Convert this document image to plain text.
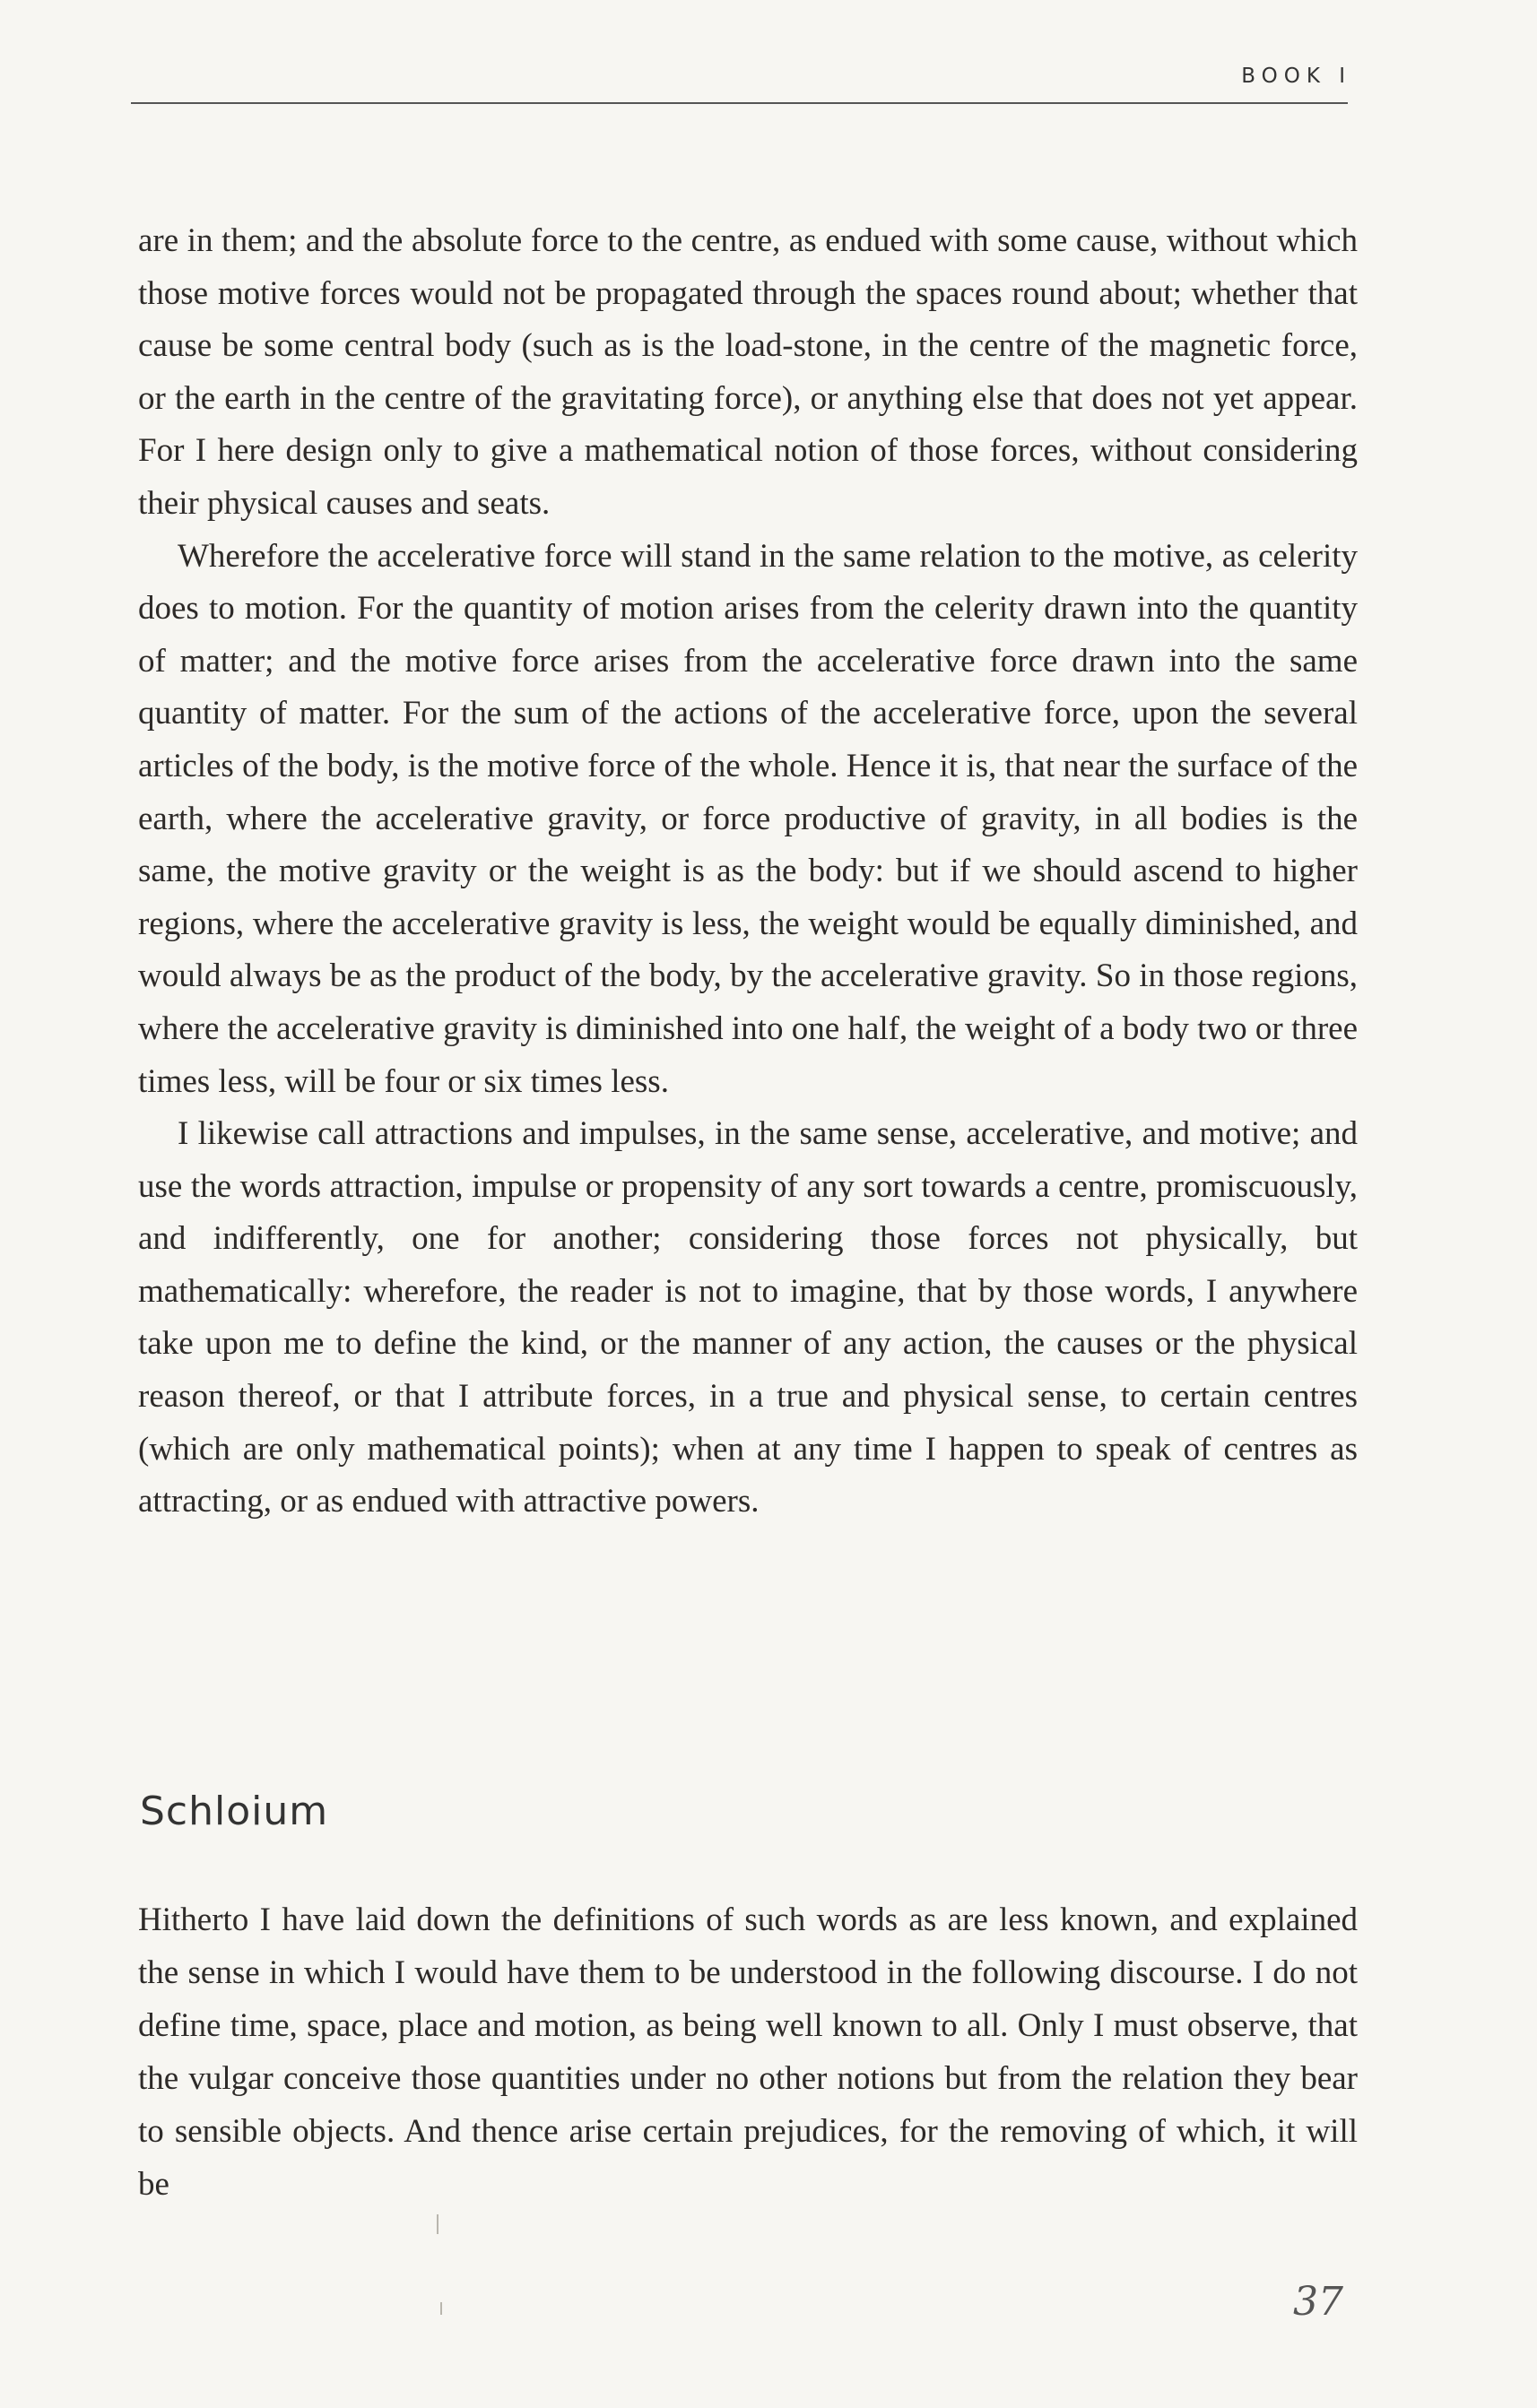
BOOK I

are in them; and the absolute force to the centre, as endued with some cause, without which those motive forces would not be propagated through the spaces round about; whether that cause be some central body (such as is the load-stone, in the centre of the magnetic force, or the earth in the centre of the gravitating force), or anything else that does not yet appear. For I here design only to give a mathematical notion of those forces, without considering their physical causes and seats.

Wherefore the accelerative force will stand in the same relation to the motive, as celerity does to motion. For the quantity of motion arises from the celerity drawn into the quantity of matter; and the motive force arises from the accelerative force drawn into the same quantity of matter. For the sum of the actions of the accelerative force, upon the several articles of the body, is the motive force of the whole. Hence it is, that near the surface of the earth, where the accelerative gravity, or force productive of gravity, in all bodies is the same, the motive gravity or the weight is as the body: but if we should ascend to higher regions, where the accelerative gravity is less, the weight would be equally diminished, and would always be as the product of the body, by the accelerative gravity. So in those regions, where the accelerative gravity is diminished into one half, the weight of a body two or three times less, will be four or six times less.

I likewise call attractions and impulses, in the same sense, accelerative, and motive; and use the words attraction, impulse or propensity of any sort towards a centre, promiscuously, and indifferently, one for another; considering those forces not physically, but mathematically: wherefore, the reader is not to imagine, that by those words, I anywhere take upon me to define the kind, or the manner of any action, the causes or the physical reason thereof, or that I attribute forces, in a true and physical sense, to certain centres (which are only mathematical points); when at any time I happen to speak of centres as attracting, or as endued with attractive powers.

Schloium

Hitherto I have laid down the definitions of such words as are less known, and explained the sense in which I would have them to be understood in the following discourse. I do not define time, space, place and motion, as being well known to all. Only I must observe, that the vulgar conceive those quantities under no other notions but from the relation they bear to sensible objects. And thence arise certain prejudices, for the removing of which, it will be

37
